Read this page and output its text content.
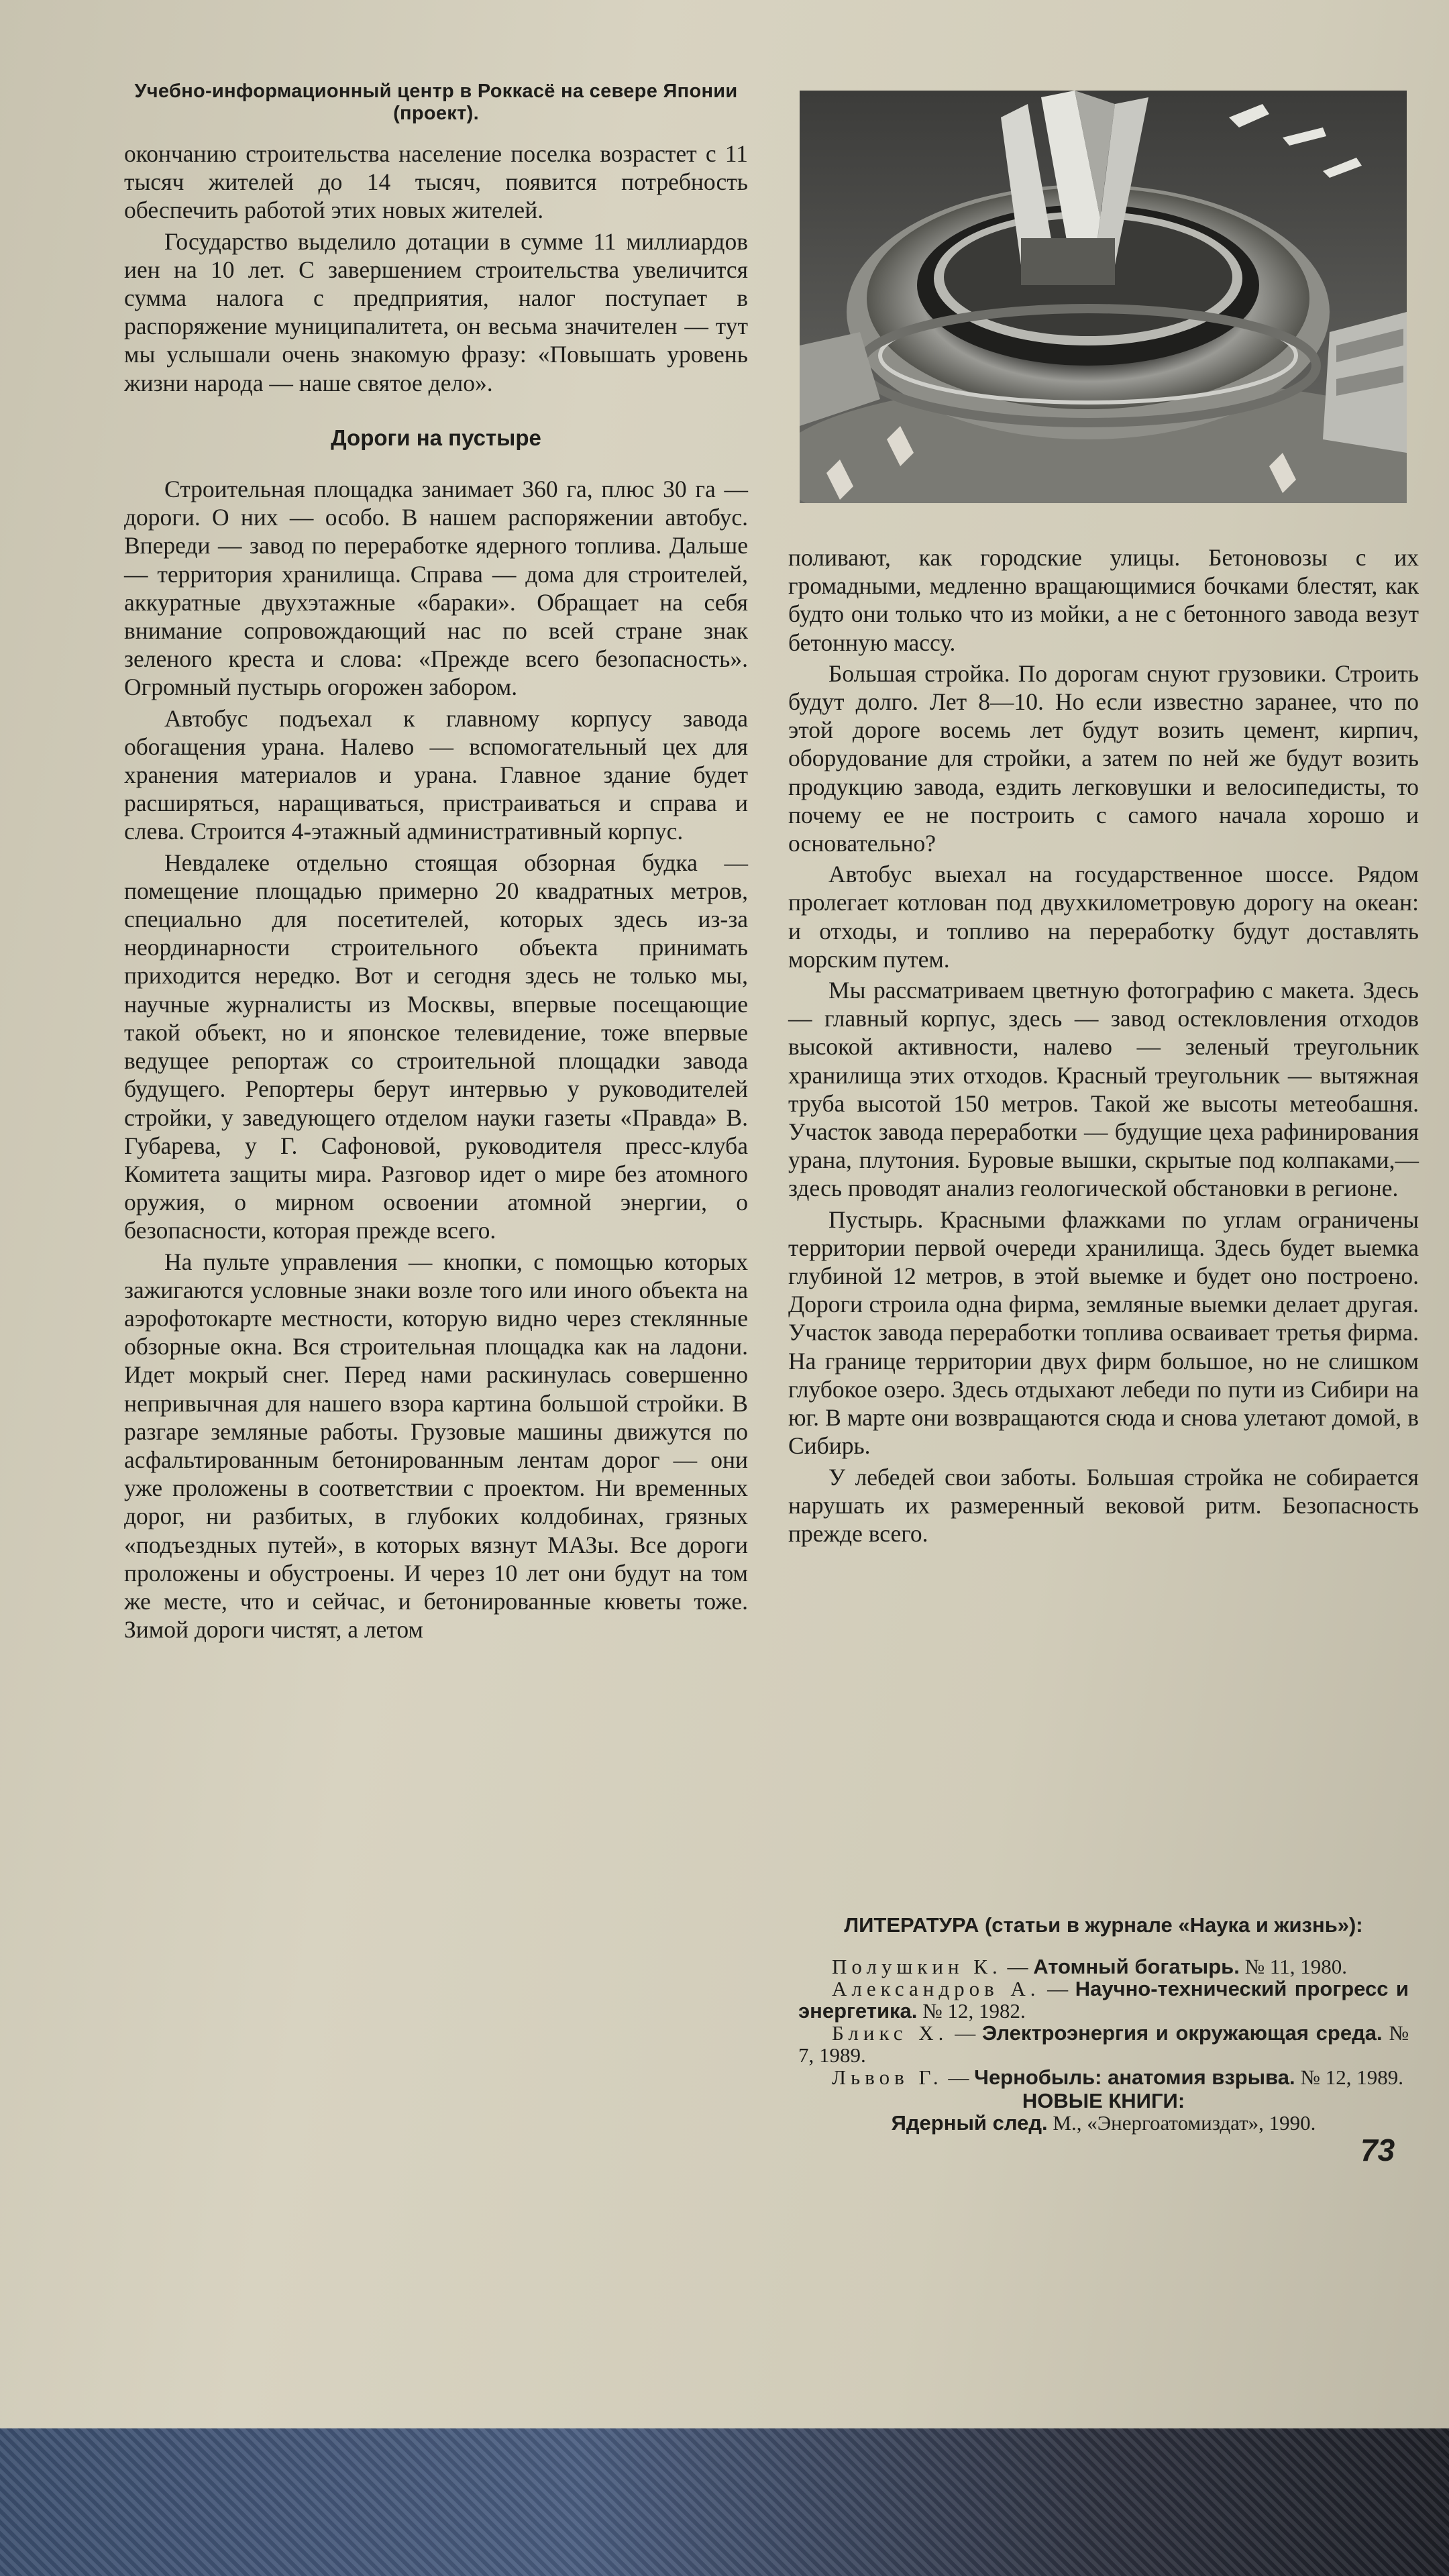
Учебно-информационный центр в Роккасё на севере Японии (проект).

окончанию строительства население поселка возрастет с 11 тысяч жителей до 14 тысяч, появится потребность обеспечить работой этих новых жителей.

Государство выделило дотации в сумме 11 миллиардов иен на 10 лет. С завершением строительства увеличится сумма налога с предприятия, налог поступает в распоряжение муниципалитета, он весьма значителен — тут мы услышали очень знакомую фразу: «Повышать уровень жизни народа — наше святое дело».

Дороги на пустыре

Строительная площадка занимает 360 га, плюс 30 га — дороги. О них — особо. В нашем распоряжении автобус. Впереди — завод по переработке ядерного топлива. Дальше — территория хранилища. Справа — дома для строителей, аккуратные двухэтажные «бараки». Обращает на себя внимание сопровождающий нас по всей стране знак зеленого креста и слова: «Прежде всего безопасность». Огромный пустырь огорожен забором.

Автобус подъехал к главному корпусу завода обогащения урана. Налево — вспомогательный цех для хранения материалов и урана. Главное здание будет расширяться, наращиваться, пристраиваться и справа и слева. Строится 4-этажный административный корпус.

Невдалеке отдельно стоящая обзорная будка — помещение площадью примерно 20 квадратных метров, специально для посетителей, которых здесь из-за неординарности строительного объекта принимать приходится нередко. Вот и сегодня здесь не только мы, научные журналисты из Москвы, впервые посещающие такой объект, но и японское телевидение, тоже впервые ведущее репортаж со строительной площадки завода будущего. Репортеры берут интервью у руководителей стройки, у заведующего отделом науки газеты «Правда» В. Губарева, у Г. Сафоновой, руководителя пресс-клуба Комитета защиты мира. Разговор идет о мире без атомного оружия, о мирном освоении атомной энергии, о безопасности, которая прежде всего.

На пульте управления — кнопки, с помощью которых зажигаются условные знаки возле того или иного объекта на аэрофотокарте местности, которую видно через стеклянные обзорные окна. Вся строительная площадка как на ладони. Идет мокрый снег. Перед нами раскинулась совершенно непривычная для нашего взора картина большой стройки. В разгаре земляные работы. Грузовые машины движутся по асфальтированным бетонированным лентам дорог — они уже проложены в соответствии с проектом. Ни временных дорог, ни разбитых, в глубоких колдобинах, грязных «подъездных путей», в которых вязнут МАЗы. Все дороги проложены и обустроены. И через 10 лет они будут на том же месте, что и сейчас, и бетонированные кюветы тоже. Зимой дороги чистят, а летом

поливают, как городские улицы. Бетоновозы с их громадными, медленно вращающимися бочками блестят, как будто они только что из мойки, а не с бетонного завода везут бетонную массу.

Большая стройка. По дорогам снуют грузовики. Строить будут долго. Лет 8—10. Но если известно заранее, что по этой дороге восемь лет будут возить цемент, кирпич, оборудование для стройки, а затем по ней же будут возить продукцию завода, ездить легковушки и велосипедисты, то почему ее не построить с самого начала хорошо и основательно?

Автобус выехал на государственное шоссе. Рядом пролегает котлован под двухкилометровую дорогу на океан: и отходы, и топливо на переработку будут доставлять морским путем.

Мы рассматриваем цветную фотографию с макета. Здесь — главный корпус, здесь — завод остекловления отходов высокой активности, налево — зеленый треугольник хранилища этих отходов. Красный треугольник — вытяжная труба высотой 150 метров. Такой же высоты метеобашня. Участок завода переработки — будущие цеха рафинирования урана, плутония. Буровые вышки, скрытые под колпаками,— здесь проводят анализ геологической обстановки в регионе.

Пустырь. Красными флажками по углам ограничены территории первой очереди хранилища. Здесь будет выемка глубиной 12 метров, в этой выемке и будет оно построено. Дороги строила одна фирма, земляные выемки делает другая. Участок завода переработки топлива осваивает третья фирма. На границе территории двух фирм большое, но не слишком глубокое озеро. Здесь отдыхают лебеди по пути из Сибири на юг. В марте они возвращаются сюда и снова улетают домой, в Сибирь.

У лебедей свои заботы. Большая стройка не собирается нарушать их размеренный вековой ритм. Безопасность прежде всего.

ЛИТЕРАТУРА (статьи в журнале «Наука и жизнь»):
Полушкин К. — Атомный богатырь. № 11, 1980.
Александров А. — Научно-технический прогресс и энергетика. № 12, 1982.
Бликс Х. — Электроэнергия и окружающая среда. № 7, 1989.
Львов Г. — Чернобыль: анатомия взрыва. № 12, 1989.
НОВЫЕ КНИГИ:
Ядерный след. М., «Энергоатомиздат», 1990.
73
